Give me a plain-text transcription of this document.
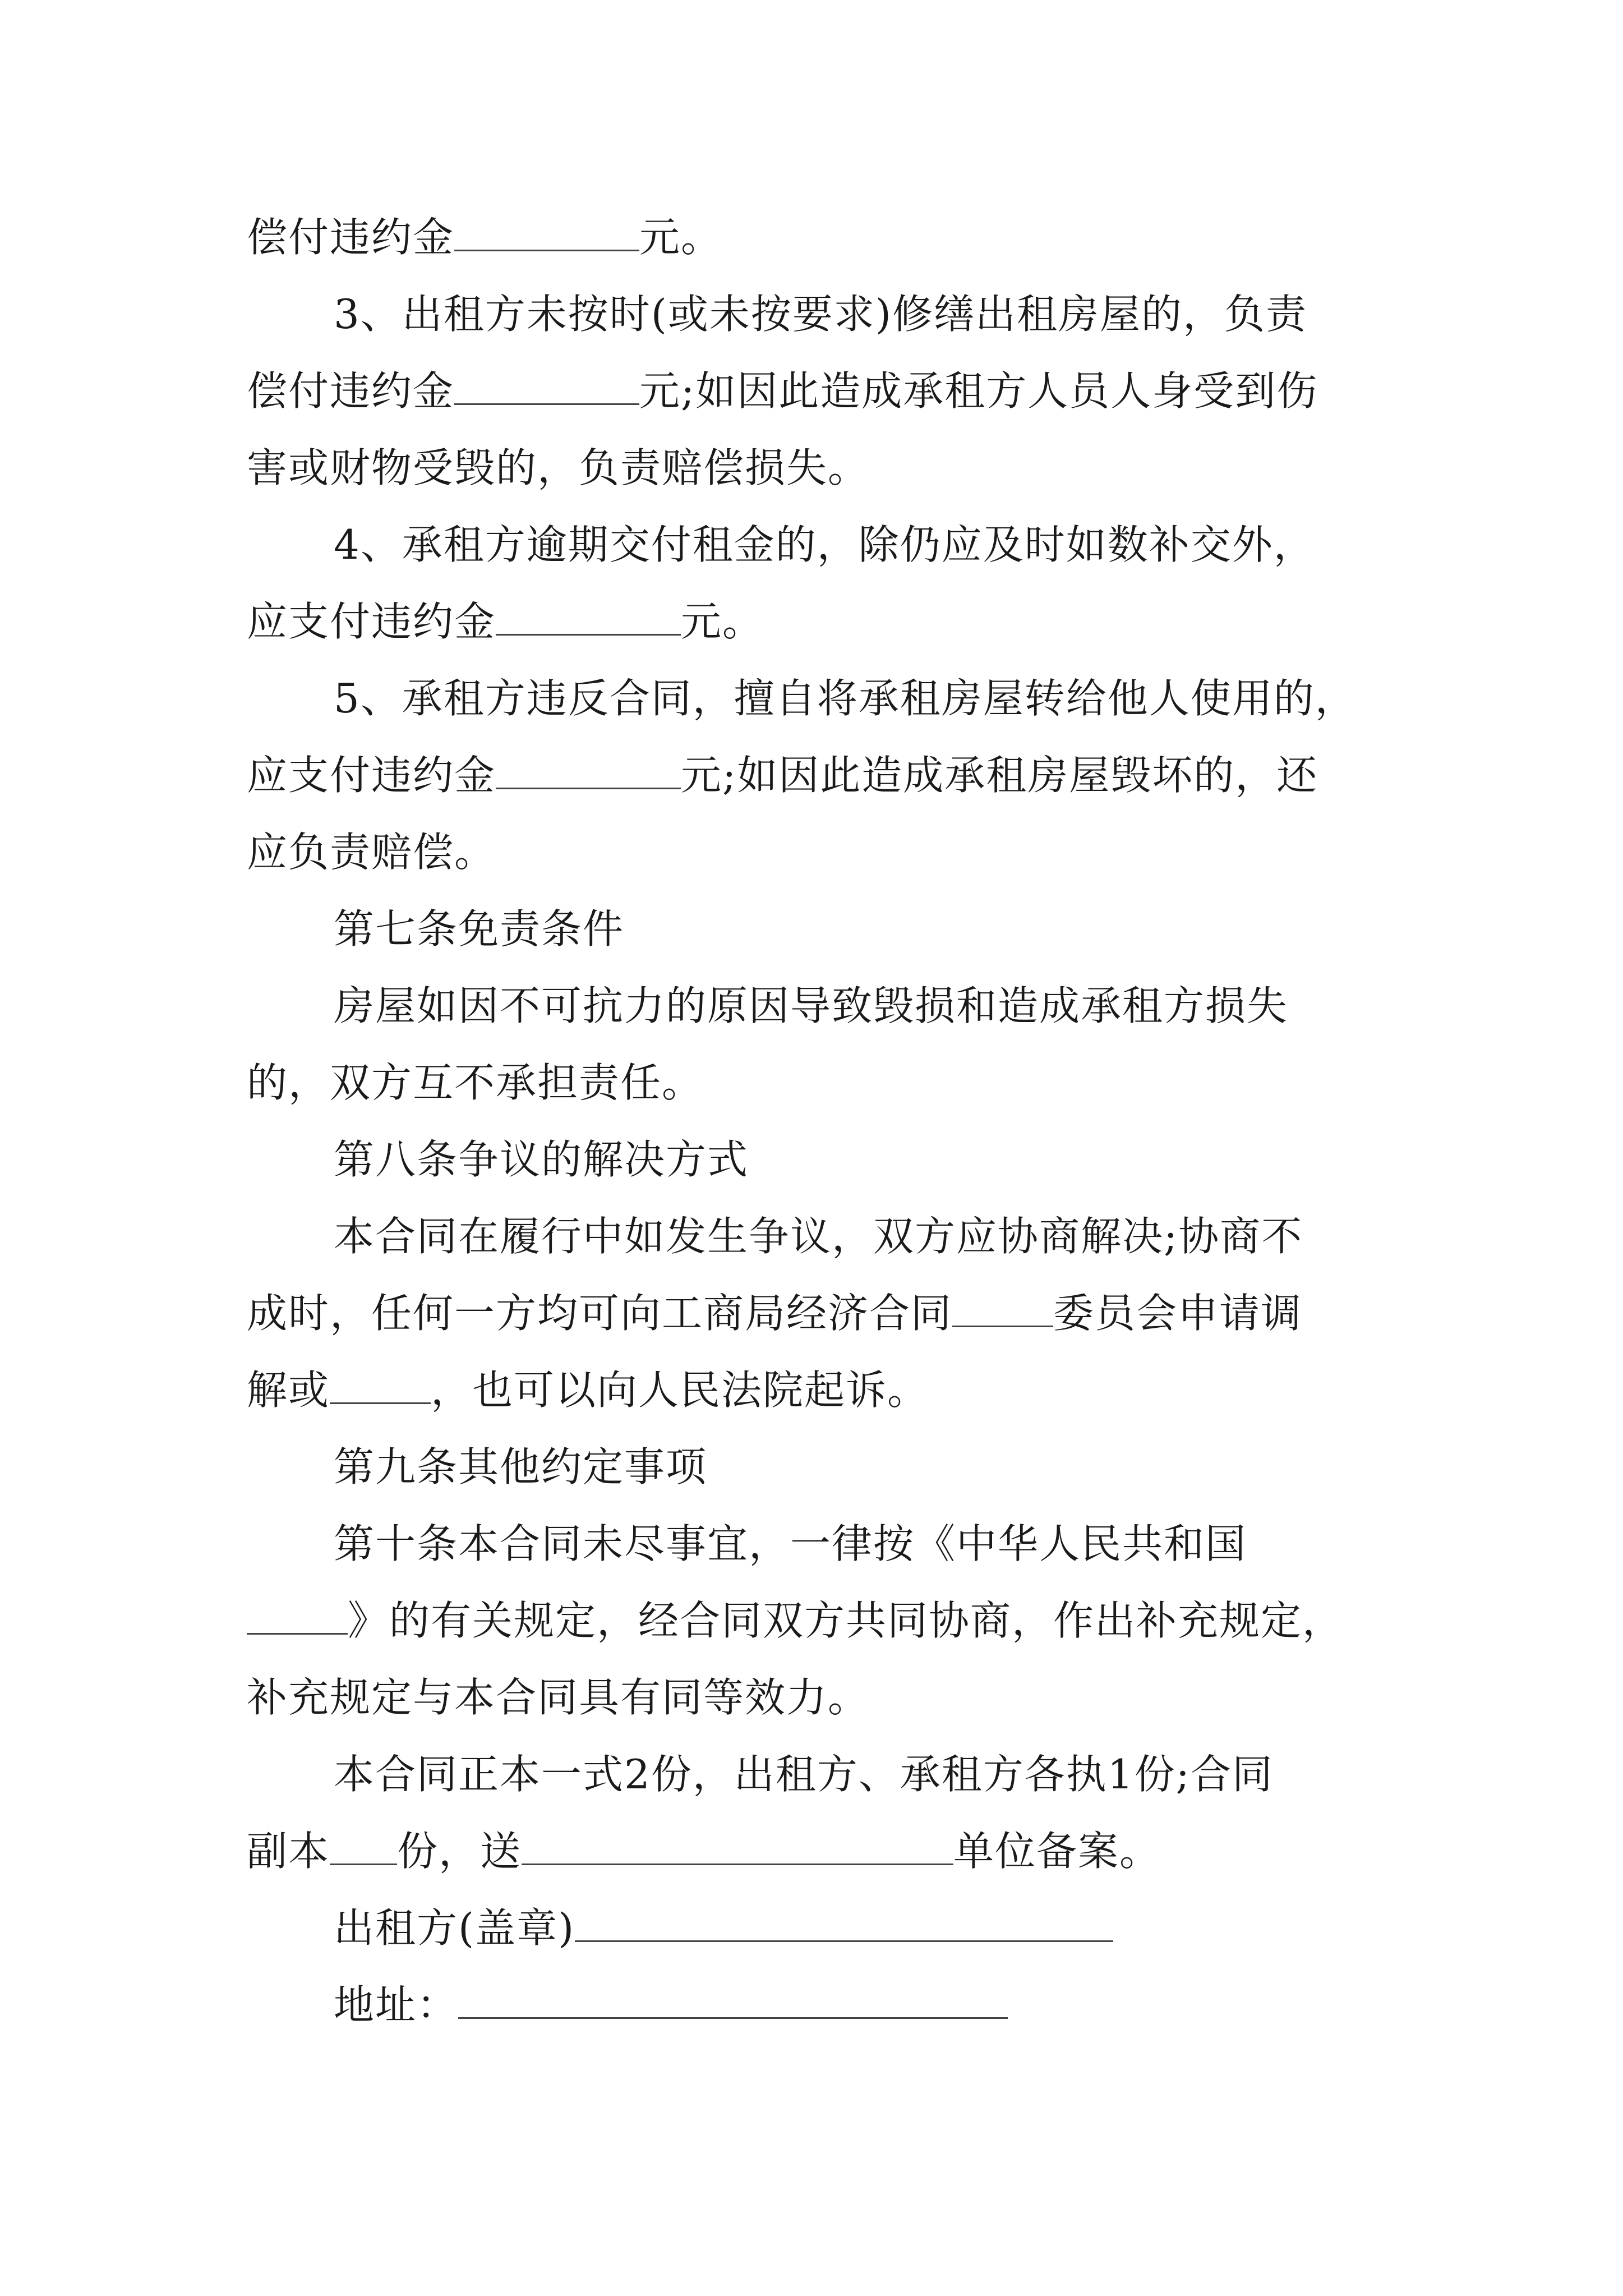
偿付违约金	元。
3、出租方未按时(或未按要求)修缮出租房屋的，负责
偿付违约金	元;如因此造成承租方人员人身受到伤
害或财物受毁的，负责赔偿损失。
4、承租方逾期交付租金的，除仍应及时如数补交外，
应支付违约金	元。
5、承租方违反合同，擅自将承租房屋转给他人使用的，
应支付违约金	元;如因此造成承租房屋毁坏的，还
应负责赔偿。
第七条免责条件
房屋如因不可抗力的原因导致毁损和造成承租方损失
的，双方互不承担责任。
第八条争议的解决方式
本合同在履行中如发生争议，双方应协商解决;协商不
成时，任何一方均可向工商局经济合同	委员会申请调
解或	，也可以向人民法院起诉。
第九条其他约定事项
第十条本合同未尽事宜，一律按《中华人民共和国
》的有关规定，经合同双方共同协商，作出补充规定，
补充规定与本合同具有同等效力。
本合同正本一式2份，出租方、承租方各执1份;合同
副本 份，送	单位备案。
出租方(盖章)
地址：
